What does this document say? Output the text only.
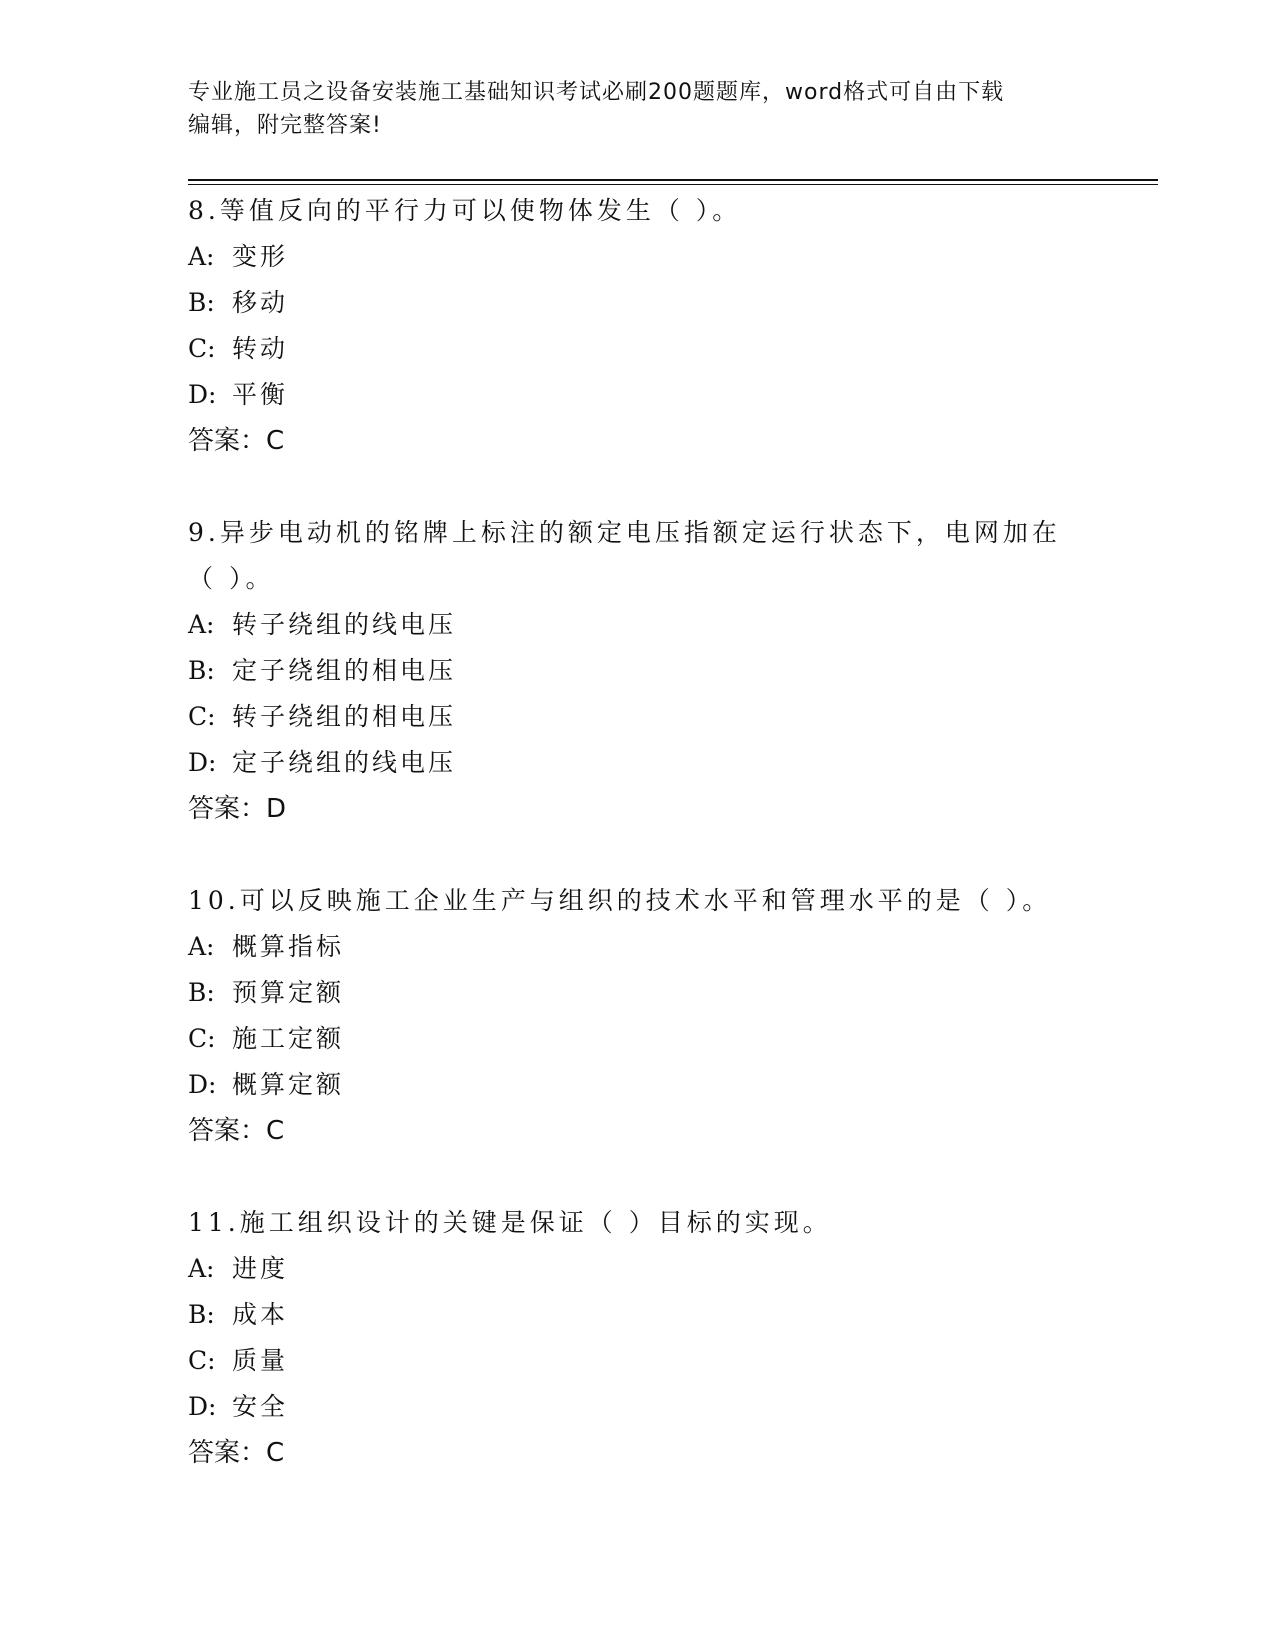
专业施工员之设备安装施工基础知识考试必刷200题题库，word格式可自由下载
编辑，附完整答案!
8.等值反向的平行力可以使物体发生（ ）。
A: 变形
B: 移动
C: 转动
D: 平衡
答案：C
9.异步电动机的铭牌上标注的额定电压指额定运行状态下，电网加在
（ ）。
A: 转子绕组的线电压
B: 定子绕组的相电压
C: 转子绕组的相电压
D: 定子绕组的线电压
答案：D
10.可以反映施工企业生产与组织的技术水平和管理水平的是（ ）。
A: 概算指标
B: 预算定额
C: 施工定额
D: 概算定额
答案：C
11.施工组织设计的关键是保证（ ）目标的实现。
A: 进度
B: 成本
C: 质量
D: 安全
答案：C
